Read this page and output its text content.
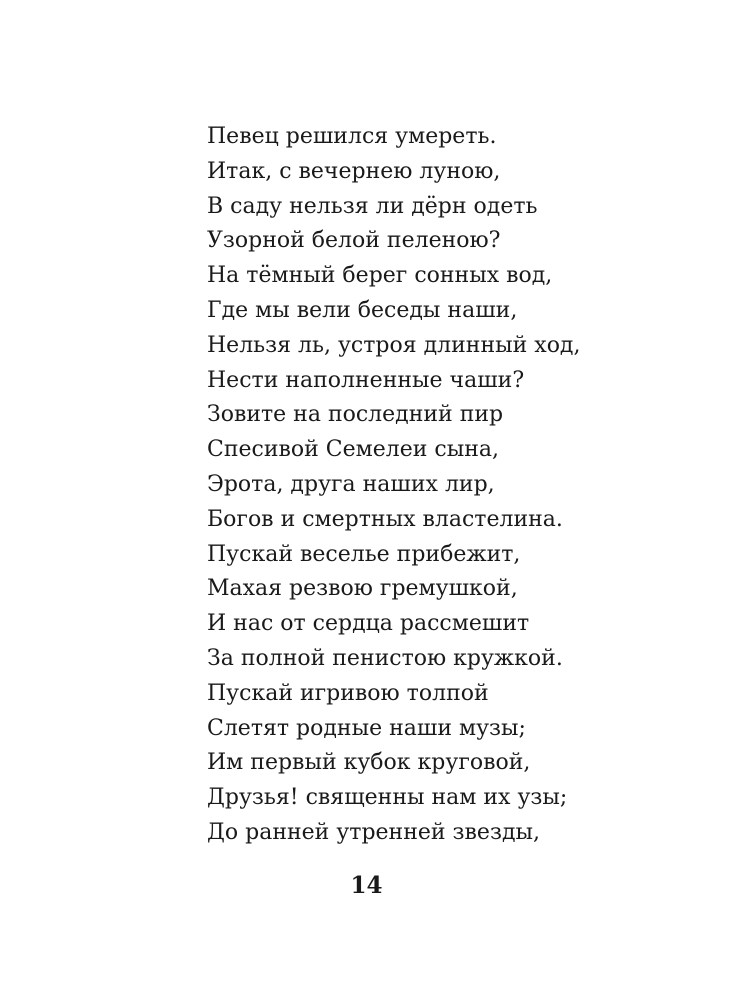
Певец решился умереть.
Итак, с вечернею луною,
В саду нельзя ли дёрн одеть
Узорной белой пеленою?
На тёмный берег сонных вод,
Где мы вели беседы наши,
Нельзя ль, устроя длинный ход,
Нести наполненные чаши?
Зовите на последний пир
Спесивой Семелеи сына,
Эрота, друга наших лир,
Богов и смертных властелина.
Пускай веселье прибежит,
Махая резвою гремушкой,
И нас от сердца рассмешит
За полной пенистою кружкой.
Пускай игривою толпой
Слетят родные наши музы;
Им первый кубок круговой,
Друзья! священны нам их узы;
До ранней утренней звезды,
14
